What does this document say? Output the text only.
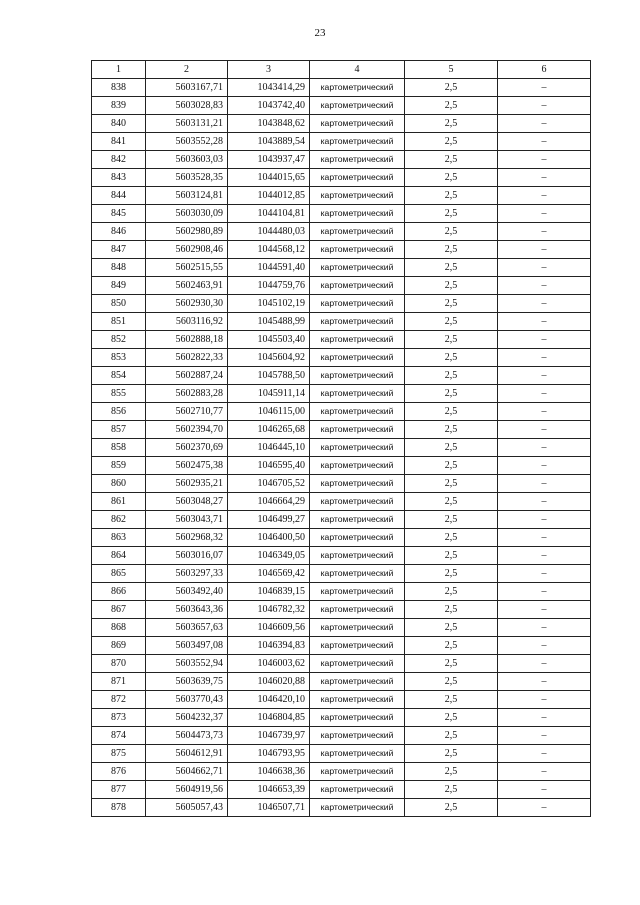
23
1	2	3	4	5	6
838	5603167,71	1043414,29	картометрический	2,5	–
839	5603028,83	1043742,40	картометрический	2,5	–
840	5603131,21	1043848,62	картометрический	2,5	–
841	5603552,28	1043889,54	картометрический	2,5	–
842	5603603,03	1043937,47	картометрический	2,5	–
843	5603528,35	1044015,65	картометрический	2,5	–
844	5603124,81	1044012,85	картометрический	2,5	–
845	5603030,09	1044104,81	картометрический	2,5	–
846	5602980,89	1044480,03	картометрический	2,5	–
847	5602908,46	1044568,12	картометрический	2,5	–
848	5602515,55	1044591,40	картометрический	2,5	–
849	5602463,91	1044759,76	картометрический	2,5	–
850	5602930,30	1045102,19	картометрический	2,5	–
851	5603116,92	1045488,99	картометрический	2,5	–
852	5602888,18	1045503,40	картометрический	2,5	–
853	5602822,33	1045604,92	картометрический	2,5	–
854	5602887,24	1045788,50	картометрический	2,5	–
855	5602883,28	1045911,14	картометрический	2,5	–
856	5602710,77	1046115,00	картометрический	2,5	–
857	5602394,70	1046265,68	картометрический	2,5	–
858	5602370,69	1046445,10	картометрический	2,5	–
859	5602475,38	1046595,40	картометрический	2,5	–
860	5602935,21	1046705,52	картометрический	2,5	–
861	5603048,27	1046664,29	картометрический	2,5	–
862	5603043,71	1046499,27	картометрический	2,5	–
863	5602968,32	1046400,50	картометрический	2,5	–
864	5603016,07	1046349,05	картометрический	2,5	–
865	5603297,33	1046569,42	картометрический	2,5	–
866	5603492,40	1046839,15	картометрический	2,5	–
867	5603643,36	1046782,32	картометрический	2,5	–
868	5603657,63	1046609,56	картометрический	2,5	–
869	5603497,08	1046394,83	картометрический	2,5	–
870	5603552,94	1046003,62	картометрический	2,5	–
871	5603639,75	1046020,88	картометрический	2,5	–
872	5603770,43	1046420,10	картометрический	2,5	–
873	5604232,37	1046804,85	картометрический	2,5	–
874	5604473,73	1046739,97	картометрический	2,5	–
875	5604612,91	1046793,95	картометрический	2,5	–
876	5604662,71	1046638,36	картометрический	2,5	–
877	5604919,56	1046653,39	картометрический	2,5	–
878	5605057,43	1046507,71	картометрический	2,5	–
